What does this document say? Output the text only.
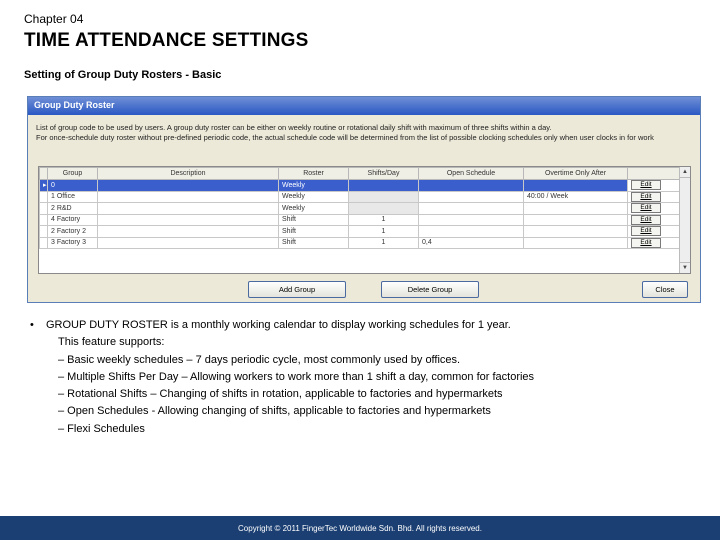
Chapter 04
TIME ATTENDANCE SETTINGS
Setting of Group Duty Rosters - Basic
Group Duty Roster
List of group code to be used by users. A group duty roster can be either on weekly routine or rotational daily shift with maximum of three shifts within a day.
For once-schedule duty roster without pre-defined periodic code, the actual schedule code will be determined from the list of possible clocking schedules only when user clocks in for work
	Group	Description	Roster	Shifts/Day	Open Schedule	Overtime Only After		
▸	0		Weekly				Edit	
	1 Office		Weekly			40:00 / Week	Edit	
	2 R&D		Weekly				Edit	
	4 Factory		Shift	1			Edit	
	2 Factory 2		Shift	1			Edit	
	3 Factory 3		Shift	1	0,4		Edit	
▲
▼
Add Group	Delete Group	Close
• GROUP DUTY ROSTER is a monthly working calendar to display working schedules for 1 year.
This feature supports:
– Basic weekly schedules – 7 days periodic cycle, most commonly used by offices.
– Multiple Shifts Per Day – Allowing workers to work more than 1 shift a day, common for factories
– Rotational Shifts – Changing of shifts in rotation, applicable to factories and hypermarkets
– Open Schedules - Allowing changing of shifts, applicable to factories and hypermarkets
– Flexi Schedules
Copyright © 2011 FingerTec Worldwide Sdn. Bhd. All rights reserved.
